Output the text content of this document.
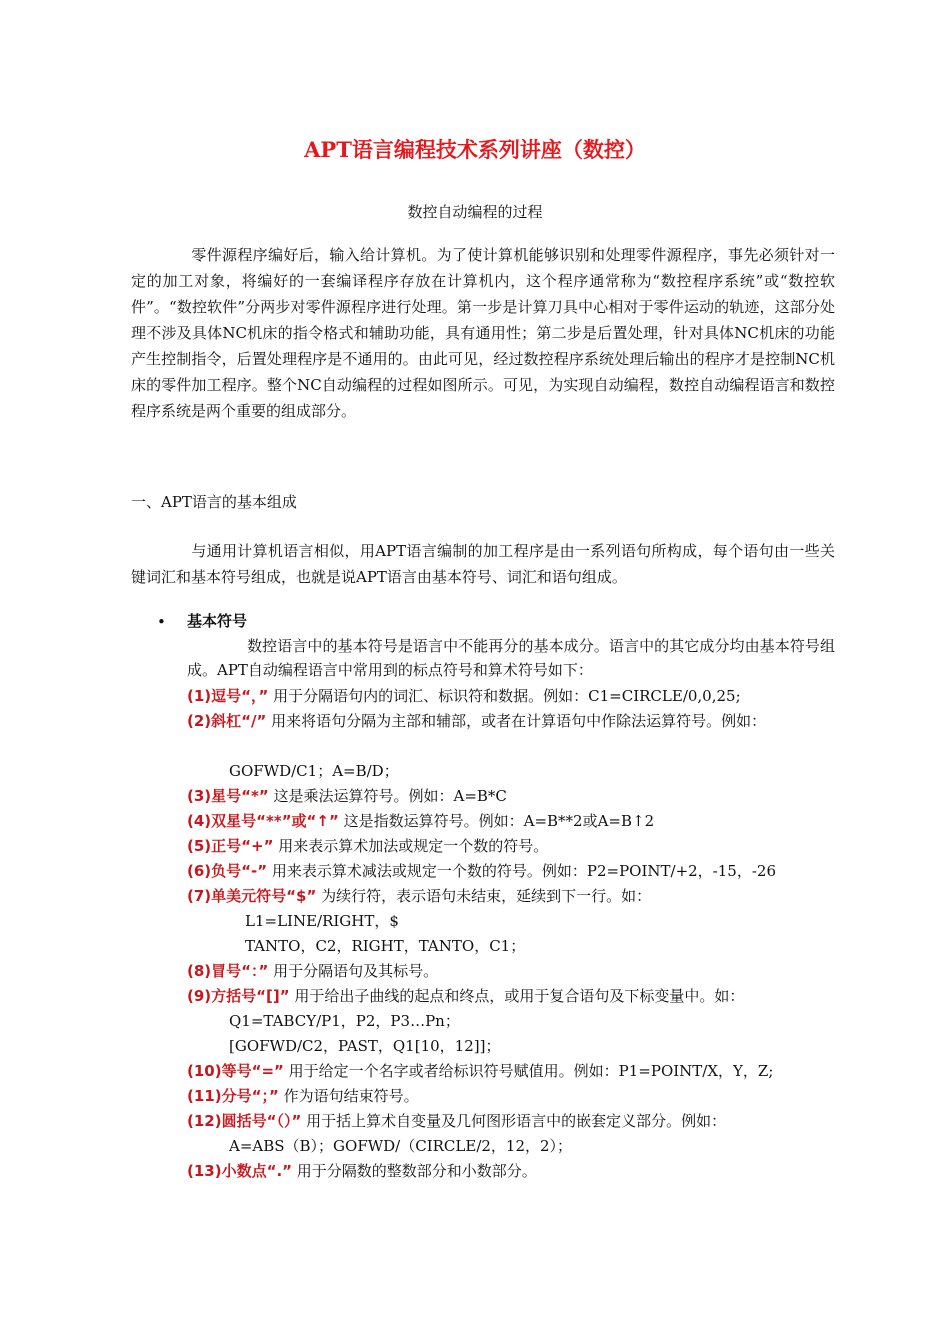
APT语言编程技术系列讲座（数控）
数控自动编程的过程
零件源程序编好后，输入给计算机。为了使计算机能够识别和处理零件源程序，事先必须针对一定的加工对象，将编好的一套编译程序存放在计算机内，这个程序通常称为“数控程序系统”或“数控软件”。“数控软件”分两步对零件源程序进行处理。第一步是计算刀具中心相对于零件运动的轨迹，这部分处理不涉及具体NC机床的指令格式和辅助功能，具有通用性；第二步是后置处理，针对具体NC机床的功能产生控制指令，后置处理程序是不通用的。由此可见，经过数控程序系统处理后输出的程序才是控制NC机床的零件加工程序。整个NC自动编程的过程如图所示。可见，为实现自动编程，数控自动编程语言和数控程序系统是两个重要的组成部分。
一、APT语言的基本组成
与通用计算机语言相似，用APT语言编制的加工程序是由一系列语句所构成，每个语句由一些关键词汇和基本符号组成，也就是说APT语言由基本符号、词汇和语句组成。
• 基本符号
数控语言中的基本符号是语言中不能再分的基本成分。语言中的其它成分均由基本符号组成。APT自动编程语言中常用到的标点符号和算术符号如下：
(1)逗号“，” 用于分隔语句内的词汇、标识符和数据。例如：C1=CIRCLE/0,0,25;
(2)斜杠“/” 用来将语句分隔为主部和辅部，或者在计算语句中作除法运算符号。例如：
GOFWD/C1；A=B/D；
(3)星号“*” 这是乘法运算符号。例如：A=B*C
(4)双星号“**”或“↑” 这是指数运算符号。例如：A=B**2或A=B↑2
(5)正号“+” 用来表示算术加法或规定一个数的符号。
(6)负号“-” 用来表示算术减法或规定一个数的符号。例如：P2=POINT/+2，-15，-26
(7)单美元符号“$” 为续行符，表示语句未结束，延续到下一行。如：
L1=LINE/RIGHT，$
TANTO，C2，RIGHT，TANTO，C1；
(8)冒号“：” 用于分隔语句及其标号。
(9)方括号“[]” 用于给出子曲线的起点和终点，或用于复合语句及下标变量中。如：
Q1=TABCY/P1，P2，P3…Pn；
[GOFWD/C2，PAST，Q1[10，12]]；
(10)等号“=” 用于给定一个名字或者给标识符号赋值用。例如：P1=POINT/X，Y，Z;
(11)分号“；” 作为语句结束符号。
(12)圆括号“（）” 用于括上算术自变量及几何图形语言中的嵌套定义部分。例如：
A=ABS（B）；GOFWD/（CIRCLE/2，12，2）；
(13)小数点“.” 用于分隔数的整数部分和小数部分。
